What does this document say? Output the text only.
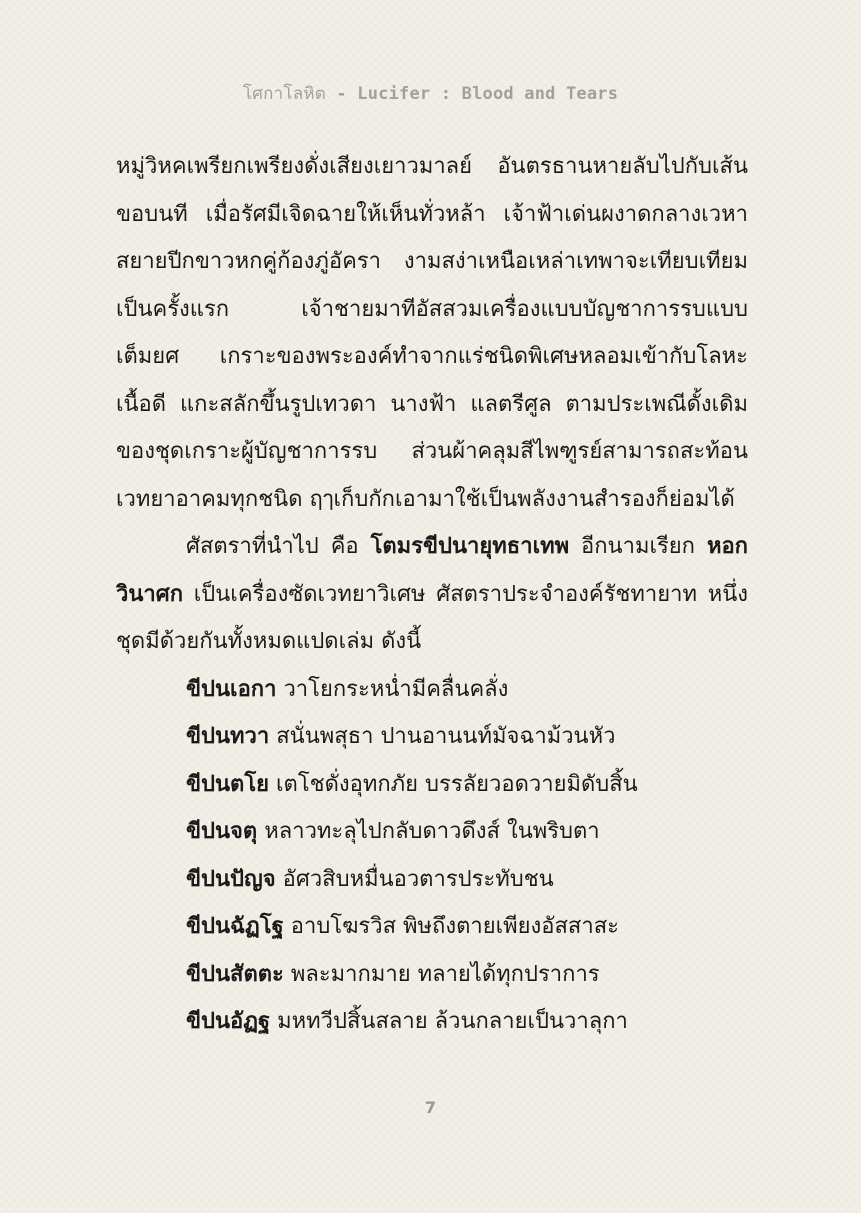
โศกาโลหิต - Lucifer : Blood and Tears
หมู่วิหคเพรียกเพรียงดั่งเสียงเยาวมาลย์ อันตรธานหายลับไปกับเส้น
ขอบนที เมื่อรัศมีเจิดฉายให้เห็นทั่วหล้า เจ้าฟ้าเด่นผงาดกลางเวหา
สยายปีกขาวหกคู่ก้องภู่อัครา งามสง่าเหนือเหล่าเทพาจะเทียบเทียม
เป็นครั้งแรก เจ้าชายมาทีอัสสวมเครื่องแบบบัญชาการรบแบบ
เต็มยศ เกราะของพระองค์ทำจากแร่ชนิดพิเศษหลอมเข้ากับโลหะ
เนื้อดี แกะสลักขึ้นรูปเทวดา นางฟ้า แลตรีศูล ตามประเพณีดั้งเดิม
ของชุดเกราะผู้บัญชาการรบ ส่วนผ้าคลุมสีไพฑูรย์สามารถสะท้อน
เวทยาอาคมทุกชนิด ฤๅเก็บกักเอามาใช้เป็นพลังงานสำรองก็ย่อมได้
ศัสตราที่นำไป คือ โตมรขีปนายุทธาเทพ อีกนามเรียก หอก
วินาศก เป็นเครื่องซัดเวทยาวิเศษ ศัสตราประจำองค์รัชทายาท หนึ่ง
ชุดมีด้วยกันทั้งหมดแปดเล่ม ดังนี้
ขีปนเอกา วาโยกระหน่ำมีคลื่นคลั่ง
ขีปนทวา สนั่นพสุธา ปานอานนท์มัจฉาม้วนหัว
ขีปนตโย เตโชดั่งอุทกภัย บรรลัยวอดวายมิดับสิ้น
ขีปนจตุ หลาวทะลุไปกลับดาวดึงส์ ในพริบตา
ขีปนปัญจ อัศวสิบหมื่นอวตารประทับชน
ขีปนฉัฏโฐ อาบโฆรวิส พิษถึงตายเพียงอัสสาสะ
ขีปนสัตตะ พละมากมาย ทลายได้ทุกปราการ
ขีปนอัฏฐ มหทวีปสิ้นสลาย ล้วนกลายเป็นวาลุกา
7
